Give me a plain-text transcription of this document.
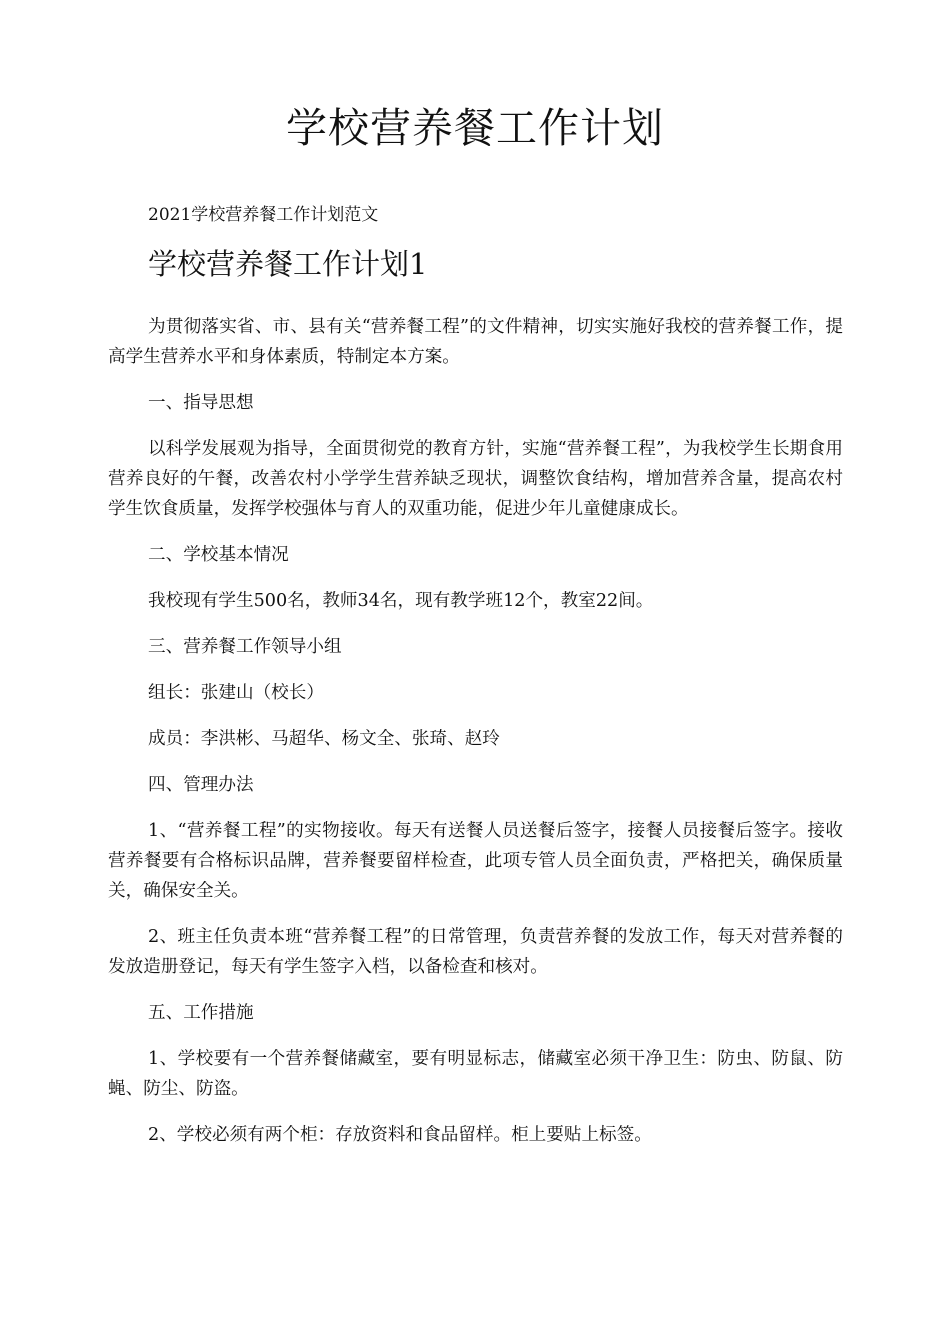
学校营养餐工作计划
2021学校营养餐工作计划范文
学校营养餐工作计划1

为贯彻落实省、市、县有关“营养餐工程”的文件精神，切实实施好我校的营养餐工作，提高学生营养水平和身体素质，特制定本方案。

一、指导思想

以科学发展观为指导，全面贯彻党的教育方针，实施“营养餐工程”，为我校学生长期食用营养良好的午餐，改善农村小学学生营养缺乏现状，调整饮食结构，增加营养含量，提高农村学生饮食质量，发挥学校强体与育人的双重功能，促进少年儿童健康成长。

二、学校基本情况

我校现有学生500名，教师34名，现有教学班12个，教室22间。

三、营养餐工作领导小组

组长：张建山（校长）

成员：李洪彬、马超华、杨文全、张琦、赵玲

四、管理办法

1、“营养餐工程”的实物接收。每天有送餐人员送餐后签字，接餐人员接餐后签字。接收营养餐要有合格标识品牌，营养餐要留样检查，此项专管人员全面负责，严格把关，确保质量关，确保安全关。

2、班主任负责本班“营养餐工程”的日常管理，负责营养餐的发放工作，每天对营养餐的发放造册登记，每天有学生签字入档，以备检查和核对。

五、工作措施

1、学校要有一个营养餐储藏室，要有明显标志，储藏室必须干净卫生：防虫、防鼠、防蝇、防尘、防盗。

2、学校必须有两个柜：存放资料和食品留样。柜上要贴上标签。
